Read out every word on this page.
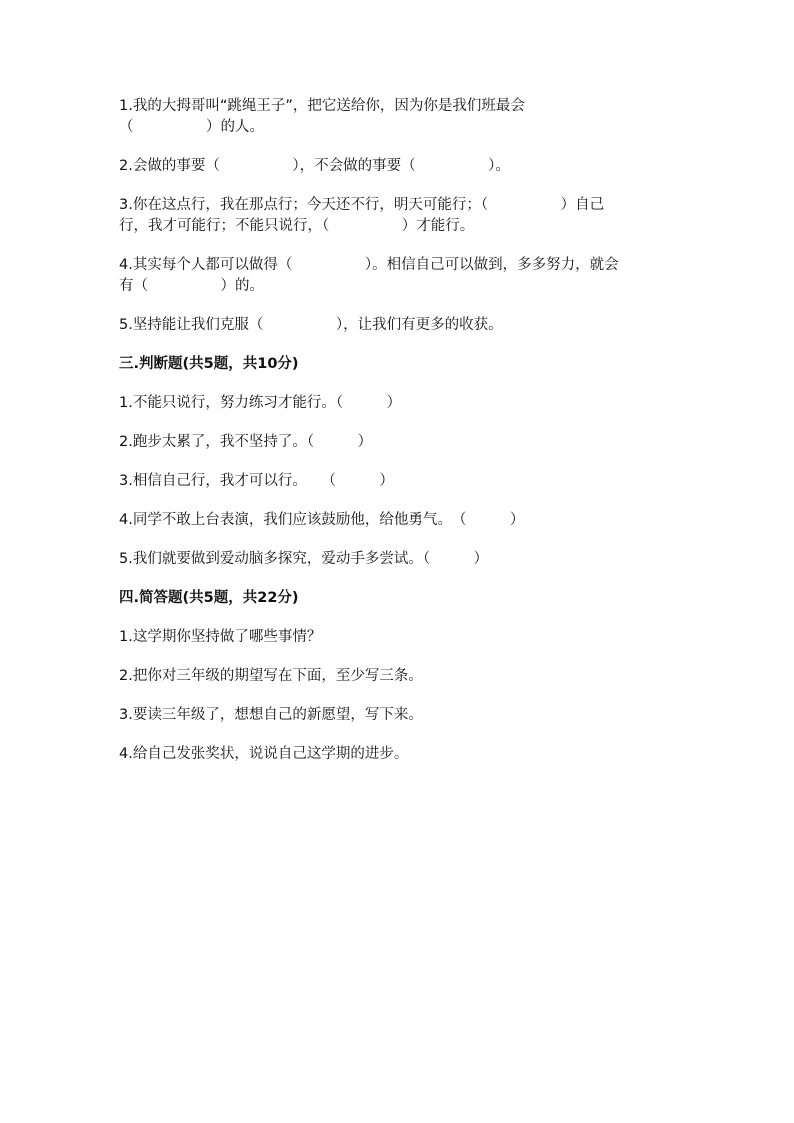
1.我的大拇哥叫“跳绳王子”，把它送给你，因为你是我们班最会

（　　　　　）的人。

2.会做的事要（　　　　　），不会做的事要（　　　　　）。

3.你在这点行，我在那点行；今天还不行，明天可能行；（　　　　　）自己

行，我才可能行；不能只说行，（　　　　　）才能行。

4.其实每个人都可以做得（　　　　　）。相信自己可以做到，多多努力，就会

有（　　　　　）的。

5.坚持能让我们克服（　　　　　），让我们有更多的收获。

三.判断题(共5题，共10分)

1.不能只说行，努力练习才能行。（　　　）

2.跑步太累了，我不坚持了。（　　　）

3.相信自己行，我才可以行。　　（　　　）

4.同学不敢上台表演，我们应该鼓励他，给他勇气。　（　　　）

5.我们就要做到爱动脑多探究，爱动手多尝试。（　　　）

四.简答题(共5题，共22分)

1.这学期你坚持做了哪些事情？

2.把你对三年级的期望写在下面，至少写三条。

3.要读三年级了，想想自己的新愿望，写下来。

4.给自己发张奖状，说说自己这学期的进步。
